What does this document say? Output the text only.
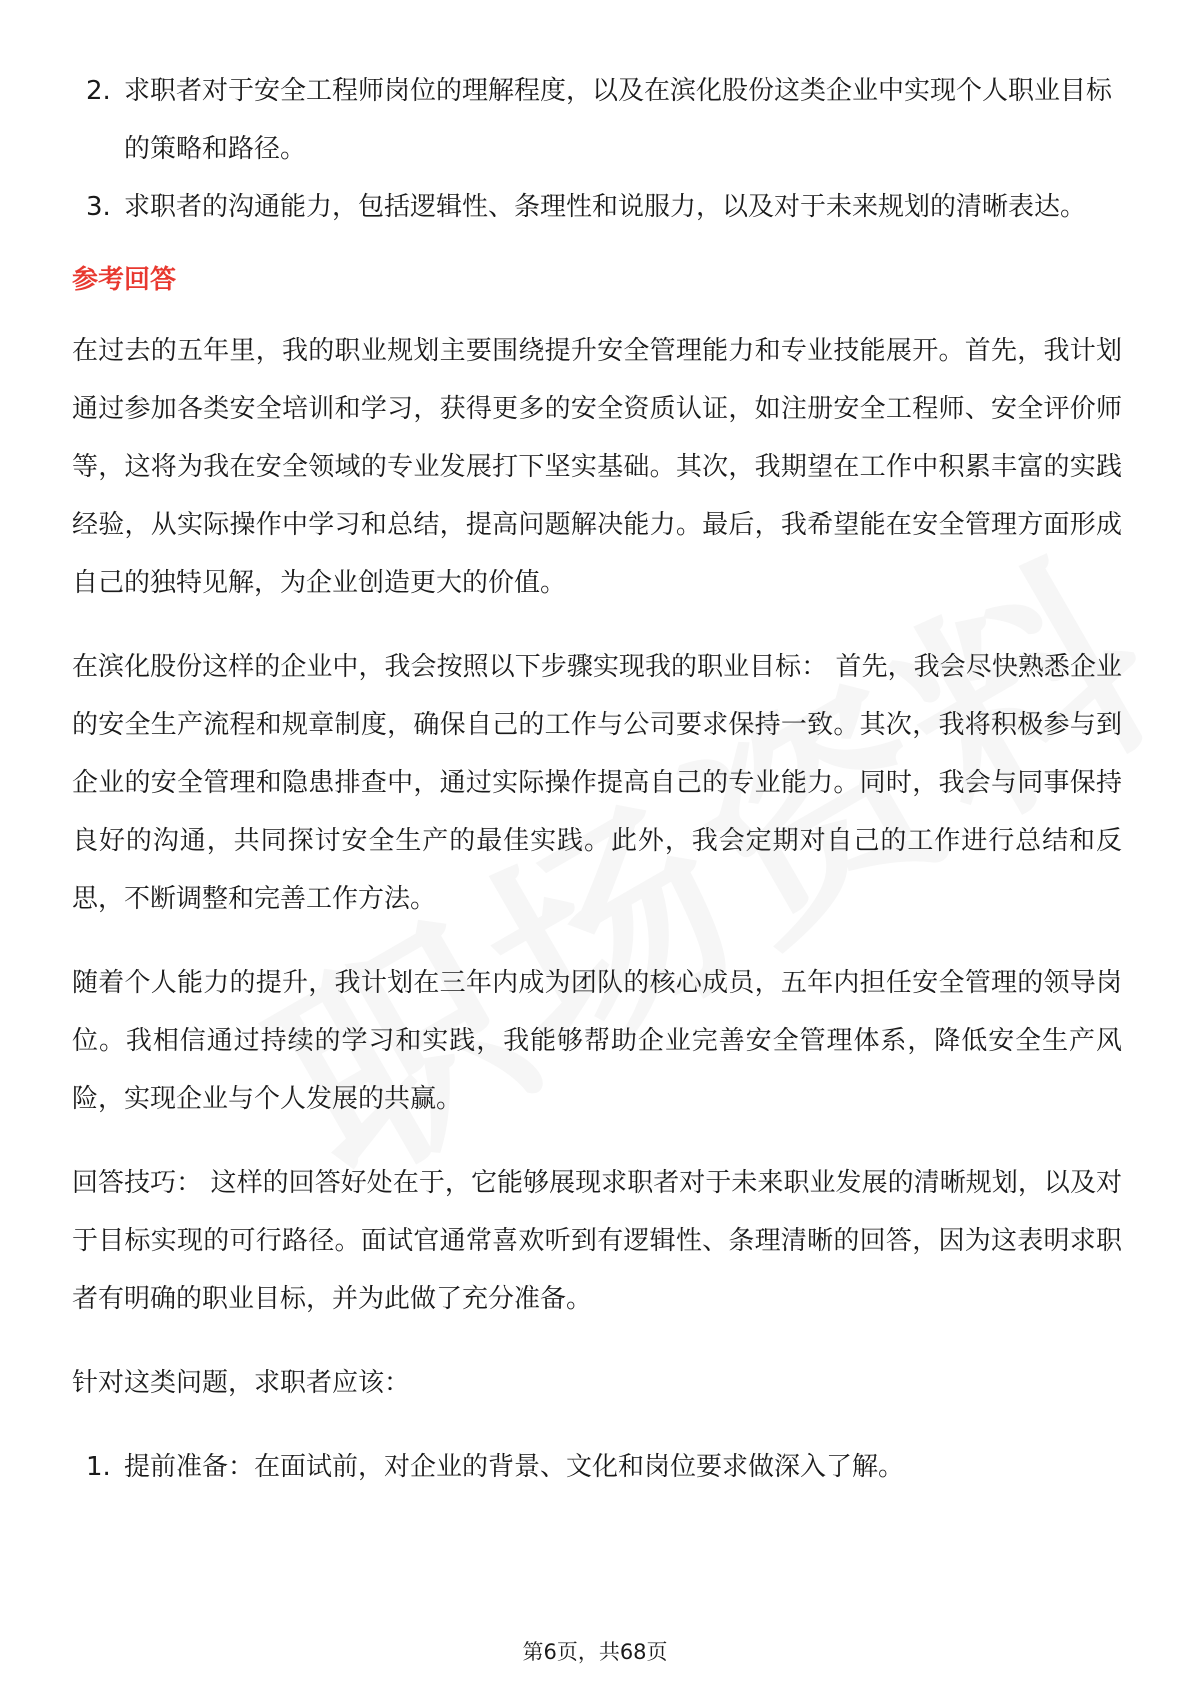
2. 求职者对于安全工程师岗位的理解程度，以及在滨化股份这类企业中实现个人职业目标的策略和路径。
3. 求职者的沟通能力，包括逻辑性、条理性和说服力，以及对于未来规划的清晰表达。
参考回答

在过去的五年里，我的职业规划主要围绕提升安全管理能力和专业技能展开。首先，我计划通过参加各类安全培训和学习，获得更多的安全资质认证，如注册安全工程师、安全评价师等，这将为我在安全领域的专业发展打下坚实基础。其次，我期望在工作中积累丰富的实践经验，从实际操作中学习和总结，提高问题解决能力。最后，我希望能在安全管理方面形成自己的独特见解，为企业创造更大的价值。

在滨化股份这样的企业中，我会按照以下步骤实现我的职业目标： 首先，我会尽快熟悉企业的安全生产流程和规章制度，确保自己的工作与公司要求保持一致。其次，我将积极参与到企业的安全管理和隐患排查中，通过实际操作提高自己的专业能力。同时，我会与同事保持良好的沟通，共同探讨安全生产的最佳实践。此外，我会定期对自己的工作进行总结和反思，不断调整和完善工作方法。

随着个人能力的提升，我计划在三年内成为团队的核心成员，五年内担任安全管理的领导岗位。我相信通过持续的学习和实践，我能够帮助企业完善安全管理体系，降低安全生产风险，实现企业与个人发展的共赢。

回答技巧： 这样的回答好处在于，它能够展现求职者对于未来职业发展的清晰规划，以及对于目标实现的可行路径。面试官通常喜欢听到有逻辑性、条理清晰的回答，因为这表明求职者有明确的职业目标，并为此做了充分准备。

针对这类问题，求职者应该：

1. 提前准备：在面试前，对企业的背景、文化和岗位要求做深入了解。
第6页，共68页
